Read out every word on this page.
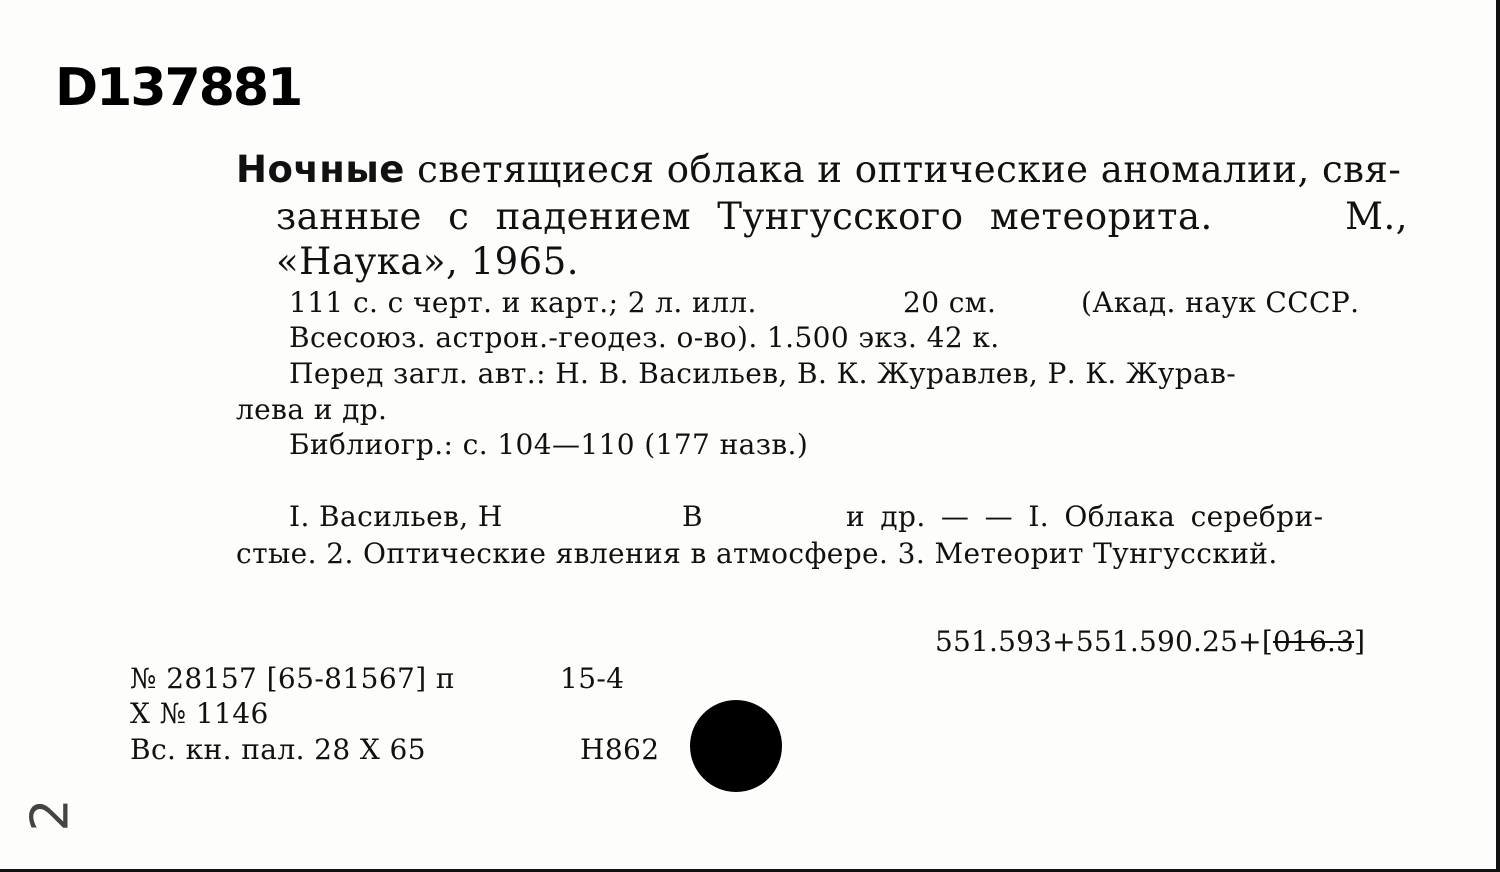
D137881
Ночные светящиеся облака и оптические аномалии, свя-
занные с падением Тунгусского метеорита.	М.,
«Наука», 1965.
111 с. с черт. и карт.; 2 л. илл.	20 см.	(Акад. наук СССР.
Всесоюз. астрон.-геодез. о-во). 1.500 экз. 42 к.
Перед загл. авт.: Н. В. Васильев, В. К. Журавлев, Р. К. Журав-
лева и др.
Библиогр.: с. 104—110 (177 назв.)
I. Васильев, Н	В	и др. — — I. Облака серебри-
стые. 2. Оптические явления в атмосфере. 3. Метеорит Тунгусский.
551.593+551.590.25+[016.3]
№ 28157 [65-81567] п	15-4
Х № 1146
Вс. кн. пал. 28 Х 65	Н862
2
